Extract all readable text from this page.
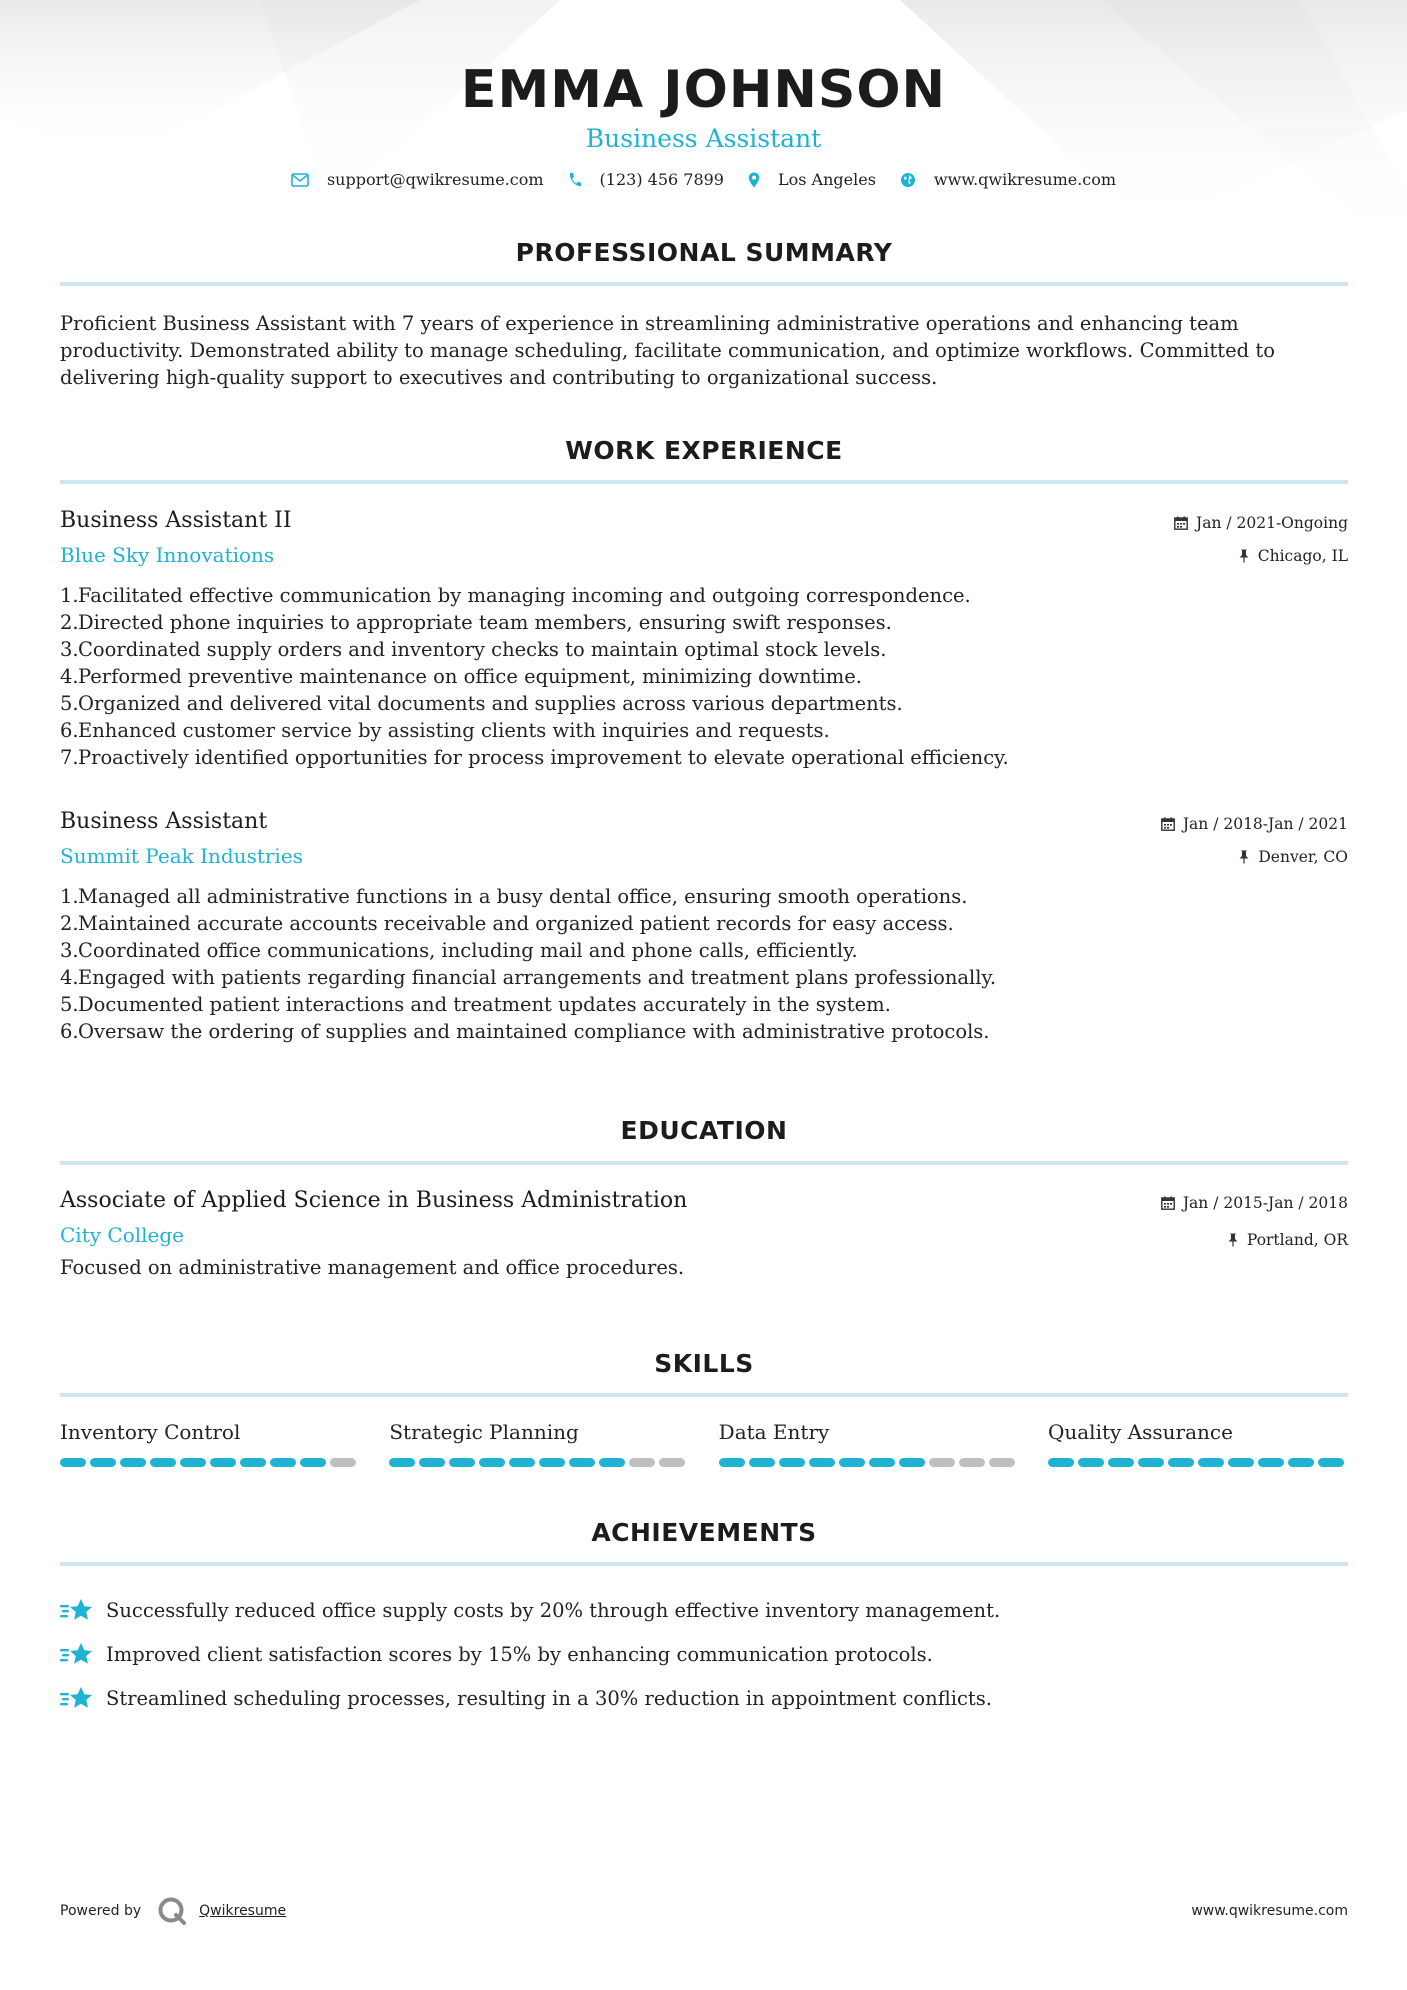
EMMA JOHNSON
Business Assistant
support@qwikresume.com	(123) 456 7899	Los Angeles	www.qwikresume.com
PROFESSIONAL SUMMARY
Proficient Business Assistant with 7 years of experience in streamlining administrative operations and enhancing team productivity. Demonstrated ability to manage scheduling, facilitate communication, and optimize workflows. Committed to delivering high-quality support to executives and contributing to organizational success.
WORK EXPERIENCE
Business Assistant II
Blue Sky Innovations
Jan / 2021-Ongoing
Chicago, IL
1. Facilitated effective communication by managing incoming and outgoing correspondence.
2. Directed phone inquiries to appropriate team members, ensuring swift responses.
3. Coordinated supply orders and inventory checks to maintain optimal stock levels.
4. Performed preventive maintenance on office equipment, minimizing downtime.
5. Organized and delivered vital documents and supplies across various departments.
6. Enhanced customer service by assisting clients with inquiries and requests.
7. Proactively identified opportunities for process improvement to elevate operational efficiency.
Business Assistant
Summit Peak Industries
Jan / 2018-Jan / 2021
Denver, CO
1. Managed all administrative functions in a busy dental office, ensuring smooth operations.
2. Maintained accurate accounts receivable and organized patient records for easy access.
3. Coordinated office communications, including mail and phone calls, efficiently.
4. Engaged with patients regarding financial arrangements and treatment plans professionally.
5. Documented patient interactions and treatment updates accurately in the system.
6. Oversaw the ordering of supplies and maintained compliance with administrative protocols.
EDUCATION
Associate of Applied Science in Business Administration
City College
Jan / 2015-Jan / 2018
Portland, OR
Focused on administrative management and office procedures.
SKILLS
Inventory Control	Strategic Planning	Data Entry	Quality Assurance
ACHIEVEMENTS
Successfully reduced office supply costs by 20% through effective inventory management.
Improved client satisfaction scores by 15% by enhancing communication protocols.
Streamlined scheduling processes, resulting in a 30% reduction in appointment conflicts.
Powered by	Qwikresume	www.qwikresume.com
